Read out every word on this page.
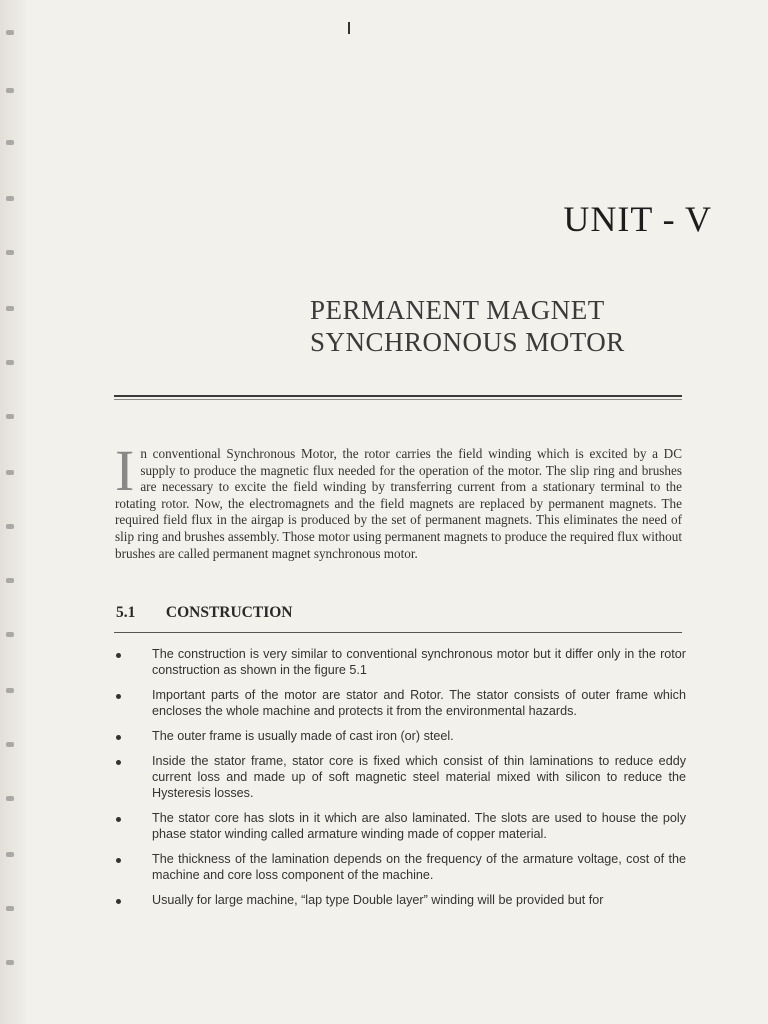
UNIT - V
PERMANENT MAGNET
SYNCHRONOUS MOTOR
I n conventional Synchronous Motor, the rotor carries the field winding which is excited by a DC supply to produce the magnetic flux needed for the operation of the motor. The slip ring and brushes are necessary to excite the field winding by transferring current from a stationary terminal to the rotating rotor. Now, the electromagnets and the field magnets are replaced by permanent magnets. The required field flux in the airgap is produced by the set of permanent magnets. This eliminates the need of slip ring and brushes assembly. Those motor using permanent magnets to produce the required flux without brushes are called permanent magnet synchronous motor.
5.1 CONSTRUCTION
The construction is very similar to conventional synchronous motor but it differ only in the rotor construction as shown in the figure 5.1
Important parts of the motor are stator and Rotor. The stator consists of outer frame which encloses the whole machine and protects it from the environmental hazards.
The outer frame is usually made of cast iron (or) steel.
Inside the stator frame, stator core is fixed which consist of thin laminations to reduce eddy current loss and made up of soft magnetic steel material mixed with silicon to reduce the Hysteresis losses.
The stator core has slots in it which are also laminated. The slots are used to house the poly phase stator winding called armature winding made of copper material.
The thickness of the lamination depends on the frequency of the armature voltage, cost of the machine and core loss component of the machine.
Usually for large machine, “lap type Double layer” winding will be provided but for
